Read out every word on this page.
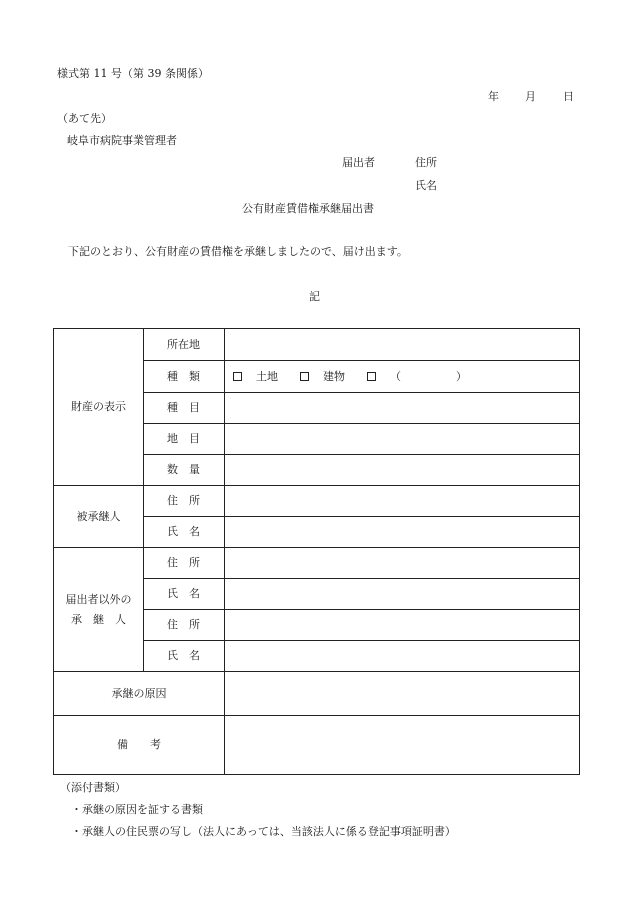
様式第 11 号（第 39 条関係）
年 月 日
（あて先）
岐阜市病院事業管理者
届出者	住所
氏名
公有財産賃借権承継届出書
下記のとおり、公有財産の賃借権を承継しましたので、届け出ます。
記
財産の表示	所在地	
	種　類	土地 建物 （　　　　　）

	種　目	
	地　目	
	数　量	
被承継人	住　所	
	氏　名	

届出者以外の
承　継　人	住　所	
	氏　名	
	住　所	
	氏　名	
承継の原因		
備　　考		
（添付書類）
・承継の原因を証する書類
・承継人の住民票の写し（法人にあっては、当該法人に係る登記事項証明書）
